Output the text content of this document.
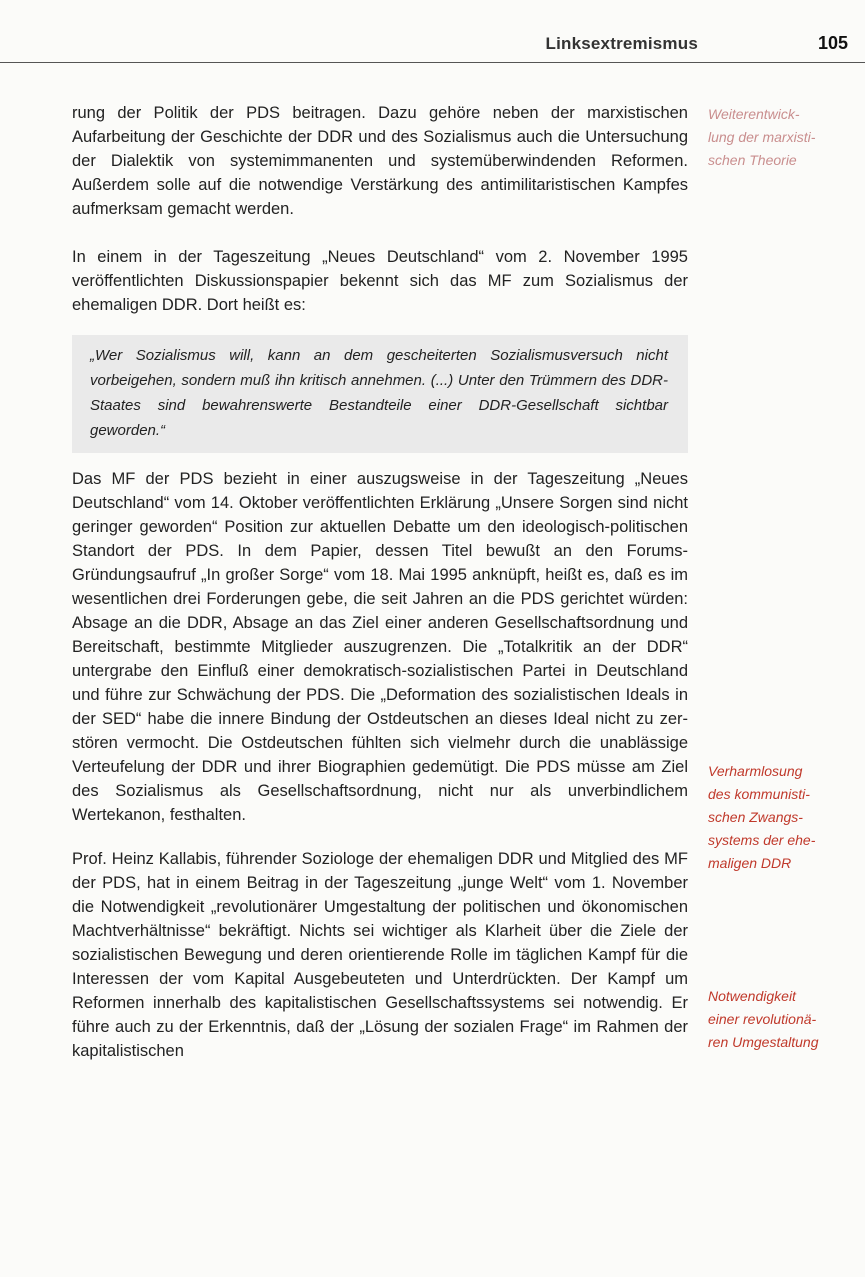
Linksextremismus	105

rung der Politik der PDS beitragen. Dazu gehöre neben der marxistischen Aufarbeitung der Geschichte der DDR und des Sozialismus auch die Untersuchung der Dialektik von systemimmanenten und systemüberwindenden Reformen. Außerdem solle auf die notwendige Verstärkung des antimilitaristischen Kampfes aufmerksam gemacht werden.

In einem in der Tageszeitung „Neues Deutschland“ vom 2. November 1995 veröffentlichten Diskussionspapier bekennt sich das MF zum Sozialismus der ehemaligen DDR. Dort heißt es:

„Wer Sozialismus will, kann an dem gescheiterten Sozialismusversuch nicht vorbeigehen, sondern muß ihn kritisch annehmen. (...) Unter den Trümmern des DDR-Staates sind bewahrenswerte Bestandteile einer DDR-Gesellschaft sichtbar geworden.“

Das MF der PDS bezieht in einer auszugsweise in der Tageszeitung „Neues Deutschland“ vom 14. Oktober veröffentlichten Erklärung „Unsere Sorgen sind nicht geringer geworden“ Position zur aktuellen Debatte um den ideologisch-politischen Standort der PDS. In dem Papier, dessen Titel bewußt an den Forums-Gründungsaufruf „In großer Sorge“ vom 18. Mai 1995 anknüpft, heißt es, daß es im wesentlichen drei Forderungen gebe, die seit Jahren an die PDS gerichtet würden: Absage an die DDR, Absage an das Ziel einer anderen Gesellschaftsordnung und Bereitschaft, bestimmte Mitglieder auszugrenzen. Die „Totalkritik an der DDR“ untergrabe den Einfluß einer demokratisch-sozialistischen Partei in Deutschland und führe zur Schwächung der PDS. Die „Deformation des sozialistischen Ideals in der SED“ habe die innere Bindung der Ostdeutschen an dieses Ideal nicht zu zerstören vermocht. Die Ostdeutschen fühlten sich vielmehr durch die unablässige Verteufelung der DDR und ihrer Biographien gedemütigt. Die PDS müsse am Ziel des Sozialismus als Gesellschaftsordnung, nicht nur als unverbindlichem Wertekanon, festhalten.

Prof. Heinz Kallabis, führender Soziologe der ehemaligen DDR und Mitglied des MF der PDS, hat in einem Beitrag in der Tageszeitung „junge Welt“ vom 1. November die Notwendigkeit „revolutionärer Umgestaltung der politischen und ökonomischen Machtverhältnisse“ bekräftigt. Nichts sei wichtiger als Klarheit über die Ziele der sozialistischen Bewegung und deren orientierende Rolle im täglichen Kampf für die Interessen der vom Kapital Ausgebeuteten und Unterdrückten. Der Kampf um Reformen innerhalb des kapitalistischen Gesellschaftssystems sei notwendig. Er führe auch zu der Erkenntnis, daß der „Lösung der sozialen Frage“ im Rahmen der kapitalistischen

Weiterentwick-
lung der marxisti-
schen Theorie
Verharmlosung
des kommunisti-
schen Zwangs-
systems der ehe-
maligen DDR
Notwendigkeit
einer revolutionä-
ren Umgestaltung
